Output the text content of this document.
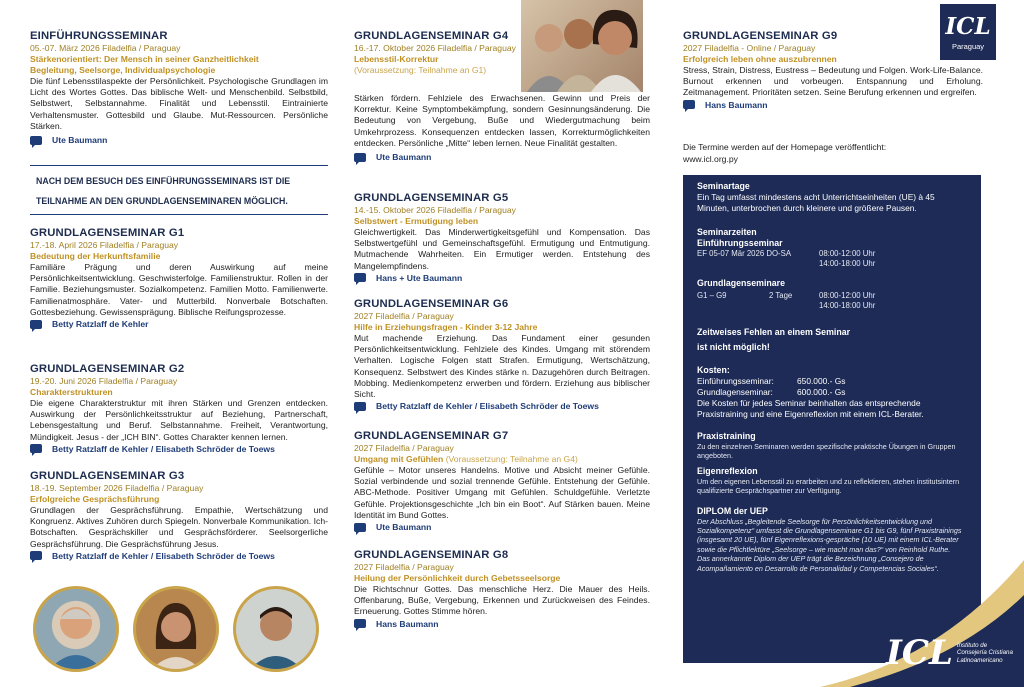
EINFÜHRUNGSSEMINAR

05.-07. März 2026 Filadelfia / Paraguay
Stärkenorientiert: Der Mensch in seiner Ganzheitlichkeit
Begleitung, Seelsorge, Individualpsychologie
Die fünf Lebensstilaspekte der Persönlichkeit. Psychologische Grundlagen im Licht des Wortes Gottes. Das biblische Welt- und Menschenbild. Selbstbild, Selbstwert, Selbstannahme. Finalität und Lebensstil. Eintrainierte Verhaltensmuster. Gottesbild und Glaube. Mut-Ressourcen. Persönliche Stärken.
Ute Baumann
NACH DEM BESUCH DES EINFÜHRUNGSSEMINARS IST DIE
TEILNAHME AN DEN GRUNDLAGENSEMINAREN MÖGLICH.

GRUNDLAGENSEMINAR G1

17.-18. April 2026 Filadelfia / Paraguay
Bedeutung der Herkunftsfamilie
Familiäre Prägung und deren Auswirkung auf meine Persönlichkeitsentwicklung. Geschwisterfolge. Familienstruktur. Rollen in der Familie. Beziehungsmuster. Sozialkompetenz. Familien Motto. Familienwerte. Familienatmosphäre. Vater- und Mutterbild. Nonverbale Botschaften. Gottesbeziehung. Gewissensprägung. Biblische Reifungsprozesse.
Betty Ratzlaff de Kehler

GRUNDLAGENSEMINAR G2

19.-20. Juni 2026 Filadelfia / Paraguay
Charakterstrukturen
Die eigene Charakterstruktur mit ihren Stärken und Grenzen entdecken. Auswirkung der Persönlichkeitsstruktur auf Beziehung, Partnerschaft, Lebensgestaltung und Beruf. Selbstannahme. Freiheit, Verantwortung, Mündigkeit. Jesus - der „ICH BIN“. Gottes Charakter kennen lernen.
Betty Ratzlaff de Kehler / Elisabeth Schröder de Toews

GRUNDLAGENSEMINAR G3

18.-19. September 2026 Filadelfia / Paraguay
Erfolgreiche Gesprächsführung
Grundlagen der Gesprächsführung. Empathie, Wertschätzung und Kongruenz. Aktives Zuhören durch Spiegeln. Nonverbale Kommunikation. Ich-Botschaften. Gesprächskiller und Gesprächsförderer. Seelsorgerliche Gesprächsführung. Die Gesprächsführung Jesus.
Betty Ratzlaff de Kehler / Elisabeth Schröder de Toews

GRUNDLAGENSEMINAR G4

16.-17. Oktober 2026 Filadelfia / Paraguay
Lebensstil-Korrektur
(Voraussetzung: Teilnahme an G1)
Stärken fördern. Fehlziele des Erwachsenen. Gewinn und Preis der Korrektur. Keine Symptombekämpfung, sondern Gesinnungsänderung. Die Bedeutung von Vergebung, Buße und Wiedergutmachung beim Umkehrprozess. Konsequenzen entdecken lassen, Korrekturmöglichkeiten entdecken. Persönliche „Mitte“ leben lernen. Neue Finalität gestalten.
Ute Baumann

GRUNDLAGENSEMINAR G5

14.-15. Oktober 2026 Filadelfia / Paraguay
Selbstwert - Ermutigung leben
Gleichwertigkeit. Das Minderwertigkeitsgefühl und Kompensation. Das Selbstwertgefühl und Gemeinschaftsgefühl. Ermutigung und Entmutigung. Mutmachende Wahrheiten. Ein Ermutiger werden. Entstehung des Mangelempfindens.
Hans + Ute Baumann

GRUNDLAGENSEMINAR G6

2027 Filadelfia / Paraguay
Hilfe in Erziehungsfragen - Kinder 3-12 Jahre
Mut machende Erziehung. Das Fundament einer gesunden Persönlichkeitsentwicklung. Fehlziele des Kindes. Umgang mit störendem Verhalten. Logische Folgen statt Strafen. Ermutigung, Wertschätzung, Konsequenz. Selbstwert des Kindes stärke n. Dazugehören durch Beitragen. Mobbing. Medienkompetenz erwerben und fördern. Erziehung aus biblischer Sicht.
Betty Ratzlaff de Kehler / Elisabeth Schröder de Toews

GRUNDLAGENSEMINAR G7

2027 Filadelfia / Paraguay
Umgang mit Gefühlen (Voraussetzung: Teilnahme an G4)
Gefühle – Motor unseres Handelns. Motive und Absicht meiner Gefühle. Sozial verbindende und sozial trennende Gefühle. Entstehung der Gefühle. ABC-Methode. Positiver Umgang mit Gefühlen. Schuldgefühle. Verletzte Gefühle. Projektionsgeschichte „Ich bin ein Boot“. Auf Stärken bauen. Meine Identität im Bund Gottes.
Ute Baumann

GRUNDLAGENSEMINAR G8

2027 Filadelfia / Paraguay
Heilung der Persönlichkeit durch Gebetsseelsorge
Die Richtschnur Gottes. Das menschliche Herz. Die Mauer des Heils. Offenbarung, Buße, Vergebung, Erkennen und Zurückweisen des Feindes. Erneuerung. Gottes Stimme hören.
Hans Baumann

GRUNDLAGENSEMINAR G9

2027 Filadelfia - Online / Paraguay
Erfolgreich leben ohne auszubrennen
Stress, Strain, Distress, Eustress – Bedeutung und Folgen. Work-Life-Balance. Burnout erkennen und vorbeugen. Entspannung und Erholung. Zeitmanagement. Prioritäten setzen. Seine Berufung erkennen und ergreifen.
Hans Baumann
Die Termine werden auf der Homepage veröffentlicht:
www.icl.org.py
Seminartage
Ein Tag umfasst mindestens acht Unterrichtseinheiten (UE) à 45 Minuten, unterbrochen durch kleinere und größere Pausen.
Seminarzeiten
Einführungsseminar
EF 05-07 Mär 2026 DO-SA	08:00-12:00 Uhr
14:00-18:00 Uhr
Grundlagenseminare
G1 – G9	2 Tage	08:00-12:00 Uhr
14:00-18:00 Uhr
Zeitweises Fehlen an einem Seminar
ist nicht möglich!
Kosten:
Einführungsseminar:	650.000.- Gs
Grundlagenseminar:	600.000.- Gs
Die Kosten für jedes Seminar beinhalten das entsprechende Praxistraining und eine Eigenreflexion mit einem ICL-Berater.
Praxistraining
Zu den einzelnen Seminaren werden spezifische praktische Übungen in Gruppen angeboten.
Eigenreflexion
Um den eigenen Lebensstil zu erarbeiten und zu reflektieren, stehen institutsintern qualifizierte Gesprächspartner zur Verfügung.
DIPLOM der UEP
Der Abschluss „Begleitende Seelsorge für Persönlichkeitsentwicklung und Sozialkompetenz“ umfasst die Grundlagenseminare G1 bis G9, fünf Praxistrainings (insgesamt 20 UE), fünf Eigenreflexions-gespräche (10 UE) mit einem ICL-Berater sowie die Pflichtlektüre „Seelsorge – wie macht man das?“ von Reinhold Ruthe.
Das annerkannte Diplom der UEP trägt die Bezeichnung „Consejero de Acompañamiento en Desarrollo de Personalidad y Competencias Sociales“.
ICL
Paraguay
ICL Instituto de
Consejería Cristiana
Latinoamericano
